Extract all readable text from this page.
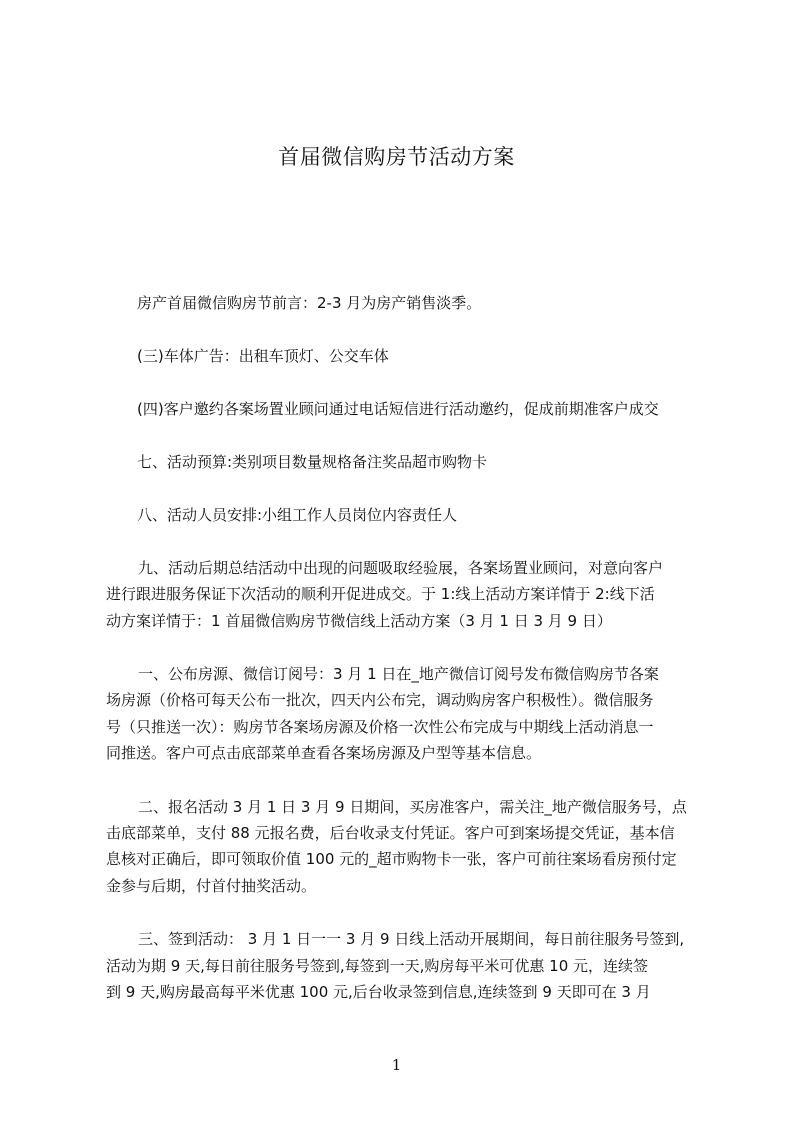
首届微信购房节活动方案
房产首届微信购房节前言：2-3 月为房产销售淡季。
(三)车体广告：出租车顶灯、公交车体
(四)客户邀约各案场置业顾问通过电话短信进行活动邀约，促成前期准客户成交
七、活动预算:类别项目数量规格备注奖品超市购物卡
八、活动人员安排:小组工作人员岗位内容责任人
九、活动后期总结活动中出现的问题吸取经验展，各案场置业顾问，对意向客户
进行跟进服务保证下次活动的顺利开促进成交。于 1:线上活动方案详情于 2:线下活
动方案详情于：1 首届微信购房节微信线上活动方案（3 月 1 日 3 月 9 日）
一、公布房源、微信订阅号：3 月 1 日在_地产微信订阅号发布微信购房节各案
场房源（价格可每天公布一批次，四天内公布完，调动购房客户积极性）。微信服务
号（只推送一次）：购房节各案场房源及价格一次性公布完成与中期线上活动消息一
同推送。客户可点击底部菜单查看各案场房源及户型等基本信息。
二、报名活动 3 月 1 日 3 月 9 日期间，买房准客户，需关注_地产微信服务号，点
击底部菜单，支付 88 元报名费，后台收录支付凭证。客户可到案场提交凭证，基本信
息核对正确后，即可领取价值 100 元的_超市购物卡一张，客户可前往案场看房预付定
金参与后期，付首付抽奖活动。
三、签到活动： 3 月 1 日一一 3 月 9 日线上活动开展期间，每日前往服务号签到,
活动为期 9 天,每日前往服务号签到,每签到一天,购房每平米可优惠 10 元，连续签
到 9 天,购房最高每平米优惠 100 元,后台收录签到信息,连续签到 9 天即可在 3 月
1
